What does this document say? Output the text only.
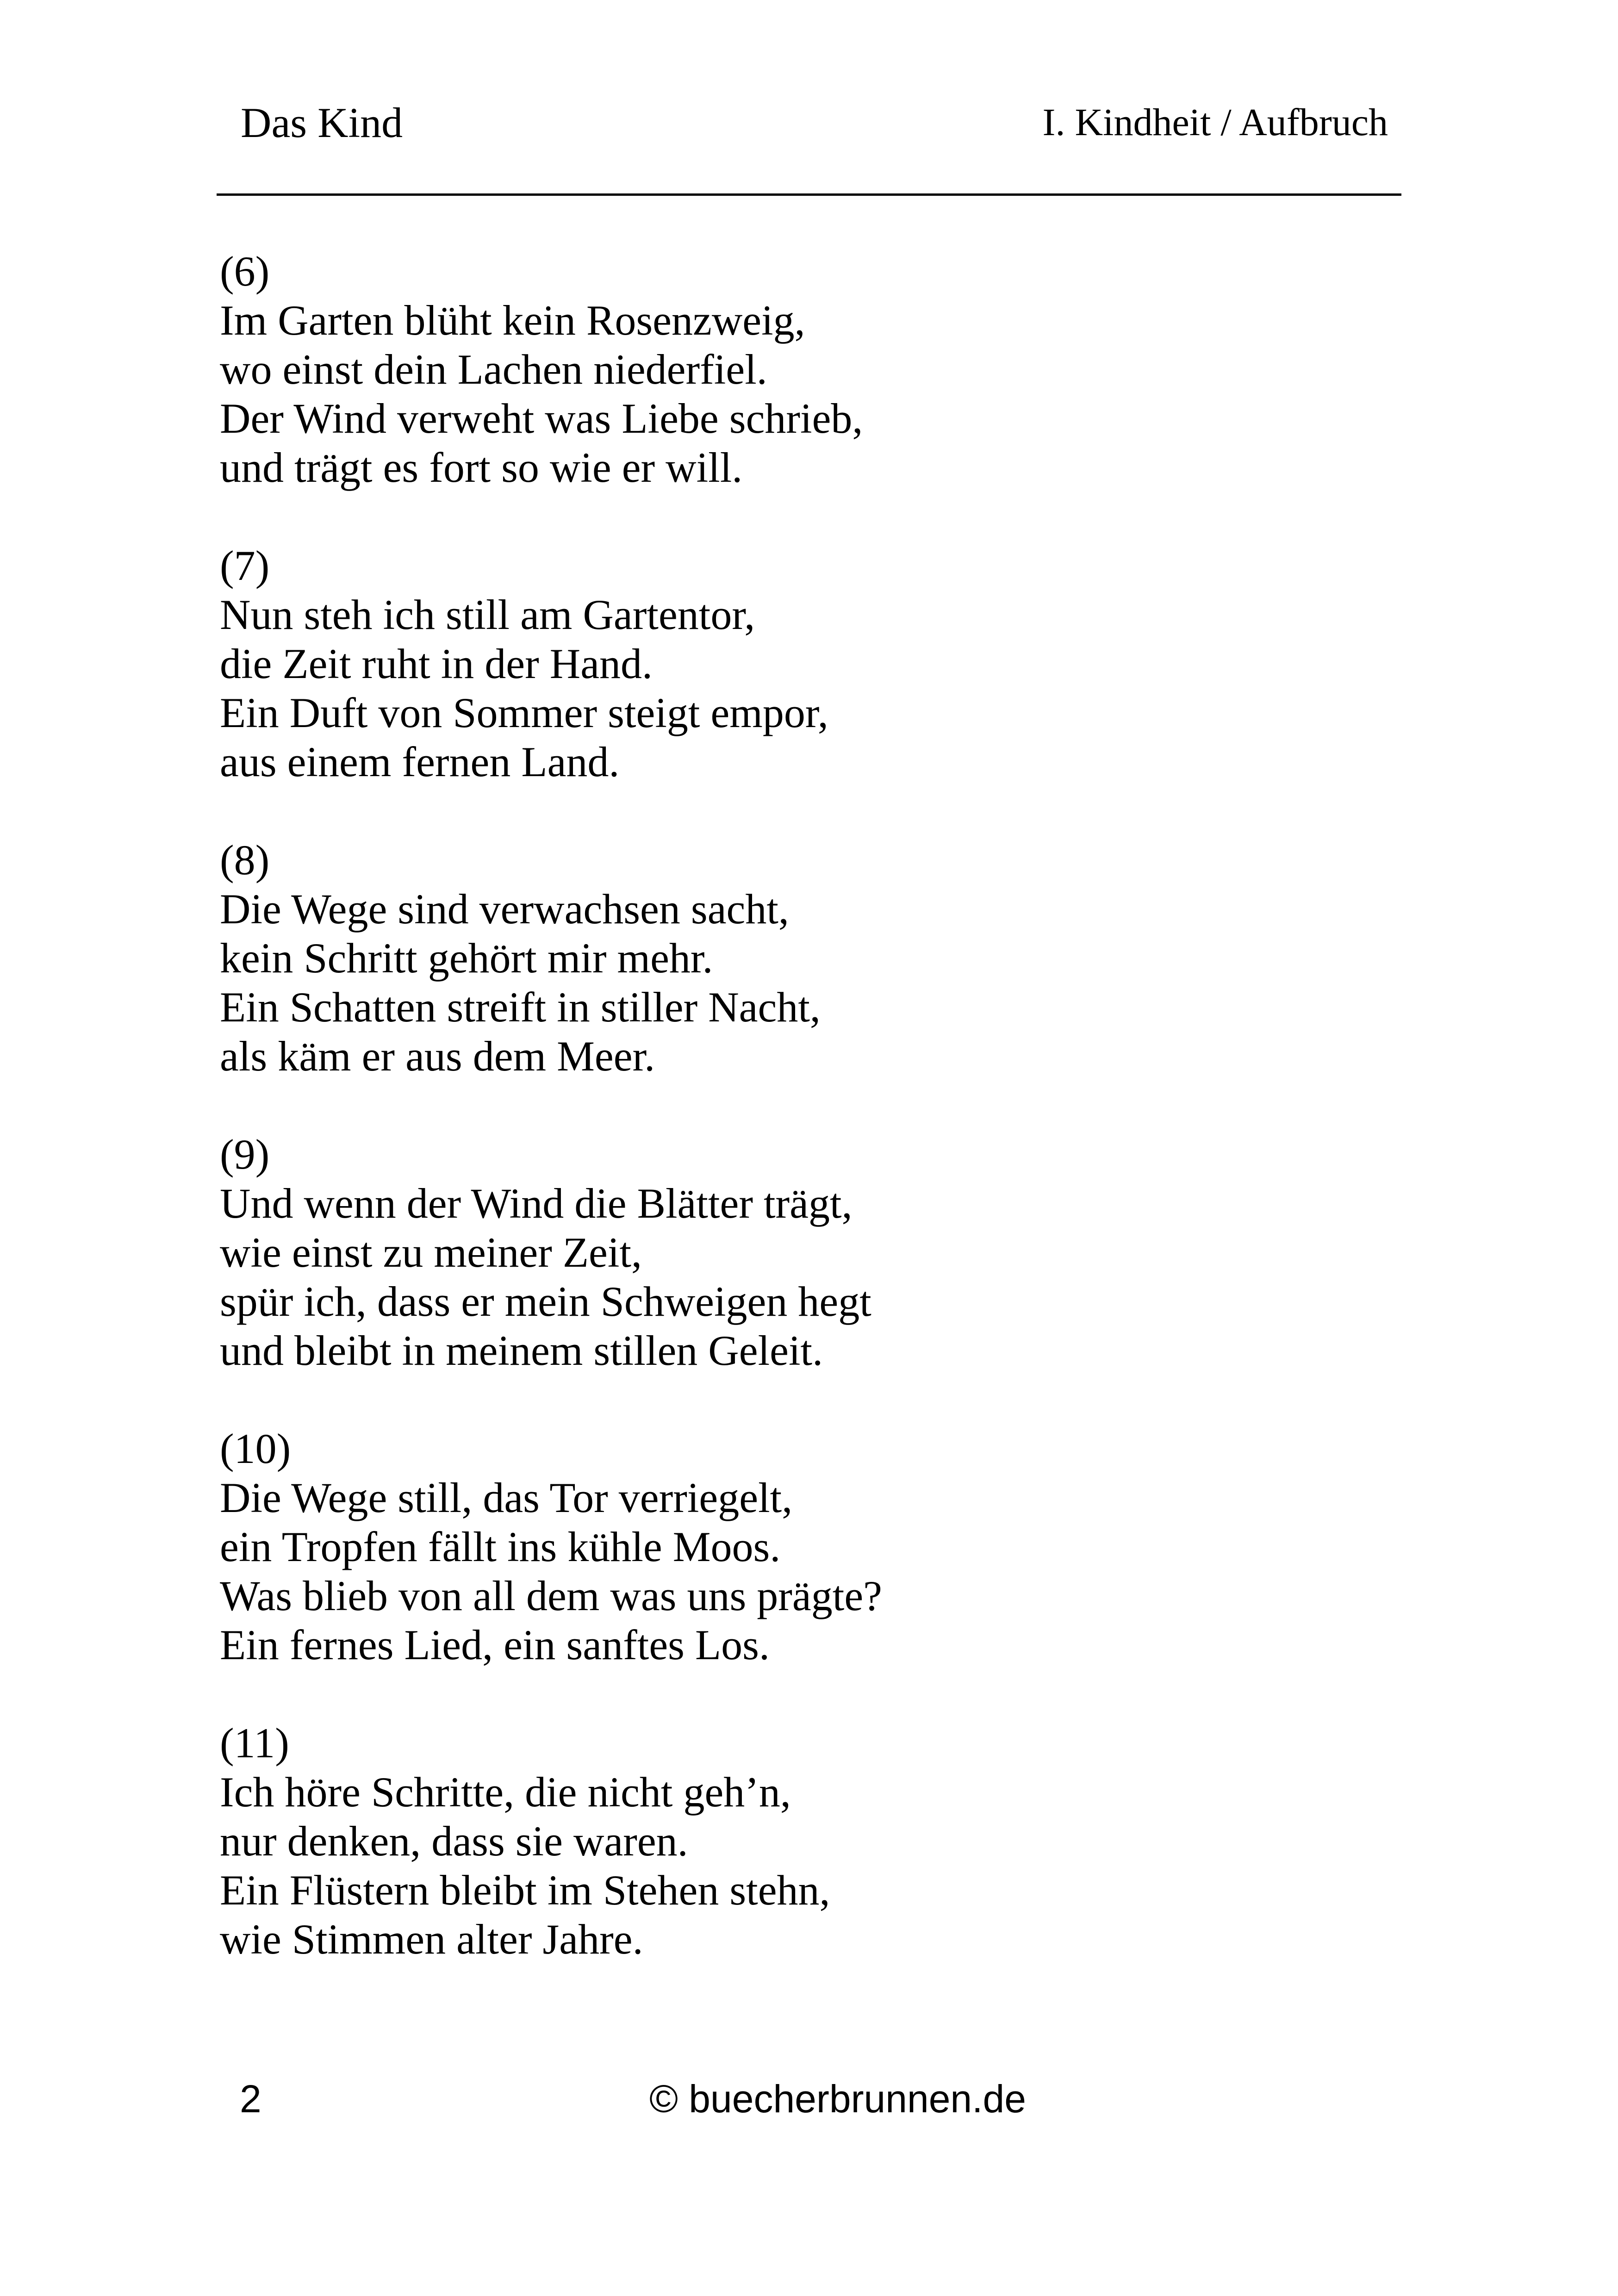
Das Kind	I. Kindheit / Aufbruch
(6)
Im Garten blüht kein Rosenzweig,
wo einst dein Lachen niederfiel.
Der Wind verweht was Liebe schrieb,
und trägt es fort so wie er will.
(7)
Nun steh ich still am Gartentor,
die Zeit ruht in der Hand.
Ein Duft von Sommer steigt empor,
aus einem fernen Land.
(8)
Die Wege sind verwachsen sacht,
kein Schritt gehört mir mehr.
Ein Schatten streift in stiller Nacht,
als käm er aus dem Meer.
(9)
Und wenn der Wind die Blätter trägt,
wie einst zu meiner Zeit,
spür ich, dass er mein Schweigen hegt
und bleibt in meinem stillen Geleit.
(10)
Die Wege still, das Tor verriegelt,
ein Tropfen fällt ins kühle Moos.
Was blieb von all dem was uns prägte?
Ein fernes Lied, ein sanftes Los.
(11)
Ich höre Schritte, die nicht geh’n,
nur denken, dass sie waren.
Ein Flüstern bleibt im Stehen stehn,
wie Stimmen alter Jahre.
2	© buecherbrunnen.de
